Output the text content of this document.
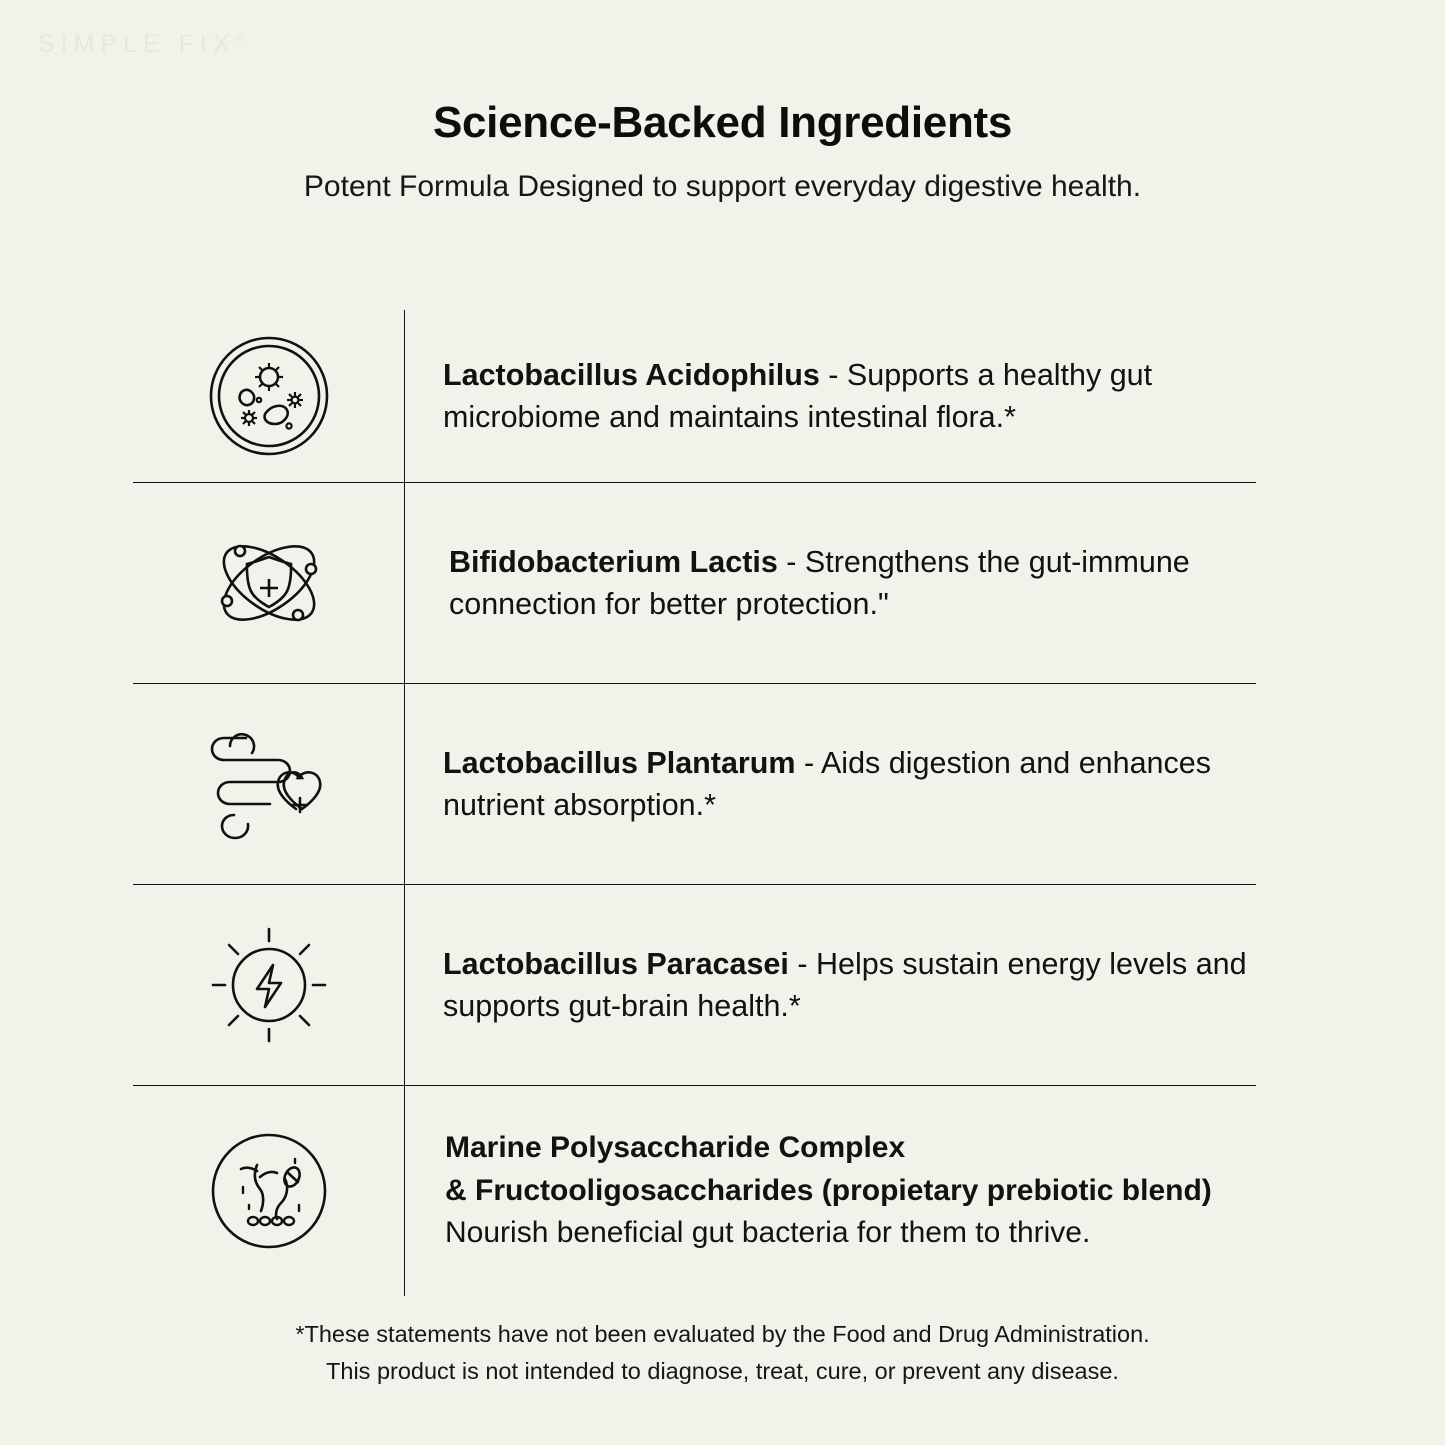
SIMPLE FIX®
Science-Backed Ingredients

Potent Formula Designed to support everyday digestive health.

Lactobacillus Acidophilus - Supports a healthy gut microbiome and maintains intestinal flora.*

Bifidobacterium Lactis - Strengthens the gut-immune connection for better protection."

Lactobacillus Plantarum - Aids digestion and enhances nutrient absorption.*

Lactobacillus Paracasei - Helps sustain energy levels and supports gut-brain health.*

Marine Polysaccharide Complex
& Fructooligosaccharides (propietary prebiotic blend)
Nourish beneficial gut bacteria for them to thrive.

*These statements have not been evaluated by the Food and Drug Administration.
This product is not intended to diagnose, treat, cure, or prevent any disease.
